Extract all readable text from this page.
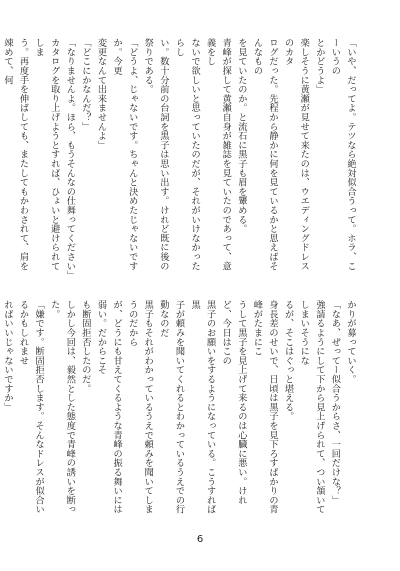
「いや、だってよ。テツなら絶対似合うって。ホラ、こーいうの
とかどうよ」
楽しそうに黄瀬が見せて来たのは、ウエディングドレスのカタ
ログだった。先程から静かに何を見ているかと思えばそんなもの
を見ていたのか。と流石に黒子も眉を顰める。
青峰が探して黄瀬自身が雑誌を見ていたのであって、意義をし
ないで欲しいと思っていたのだが、それがいけなかったらし
い。数十分前の台詞を黒子は思い出す。けれど既に後の祭りである。
「どうよ、じゃないです。ちゃんと決めたじゃないですか。今更
変更なんて出来ませんよ」
「どこにかなんだ？」
「なりませんよ。ほら、もうそんなの仕舞ってください」
カタログを取り上げようとすれば、ひょいと避けられてしま
う。再度手を伸ばしても、またしてもかわされて、肩を竦めて、何
かりが募っていく。
「なあ、ぜってー似合うからさ、一回だけな？」
強請るようにして下から見上げられて、つい頷いてしまいそうにな
るが、そこはぐっと堪える。
身長差のせいで、日頃は黒子を見下ろすばかりの青峰がたまにこ
うして黒子を見上げて来るのは心臓に悪い。けれど、今日はこの
黒子のお願いをするようになっている。こうすれば黒
子が頼みを聞いてくれるとわかっているうえでの行動なのだ
黒子もそれがわかっているうえで頼みを聞いてしまうのだから
が、どうにも甘えてくるような青峰の振る舞いには弱い。だからこそ
も断固拒否したのだ。
しかし今回は、毅然とした態度で青峰の誘いを断った。
「嫌です。断固拒否します。そんなドレスが似合いるかもしれませ
ればいいじゃないですか」
6
